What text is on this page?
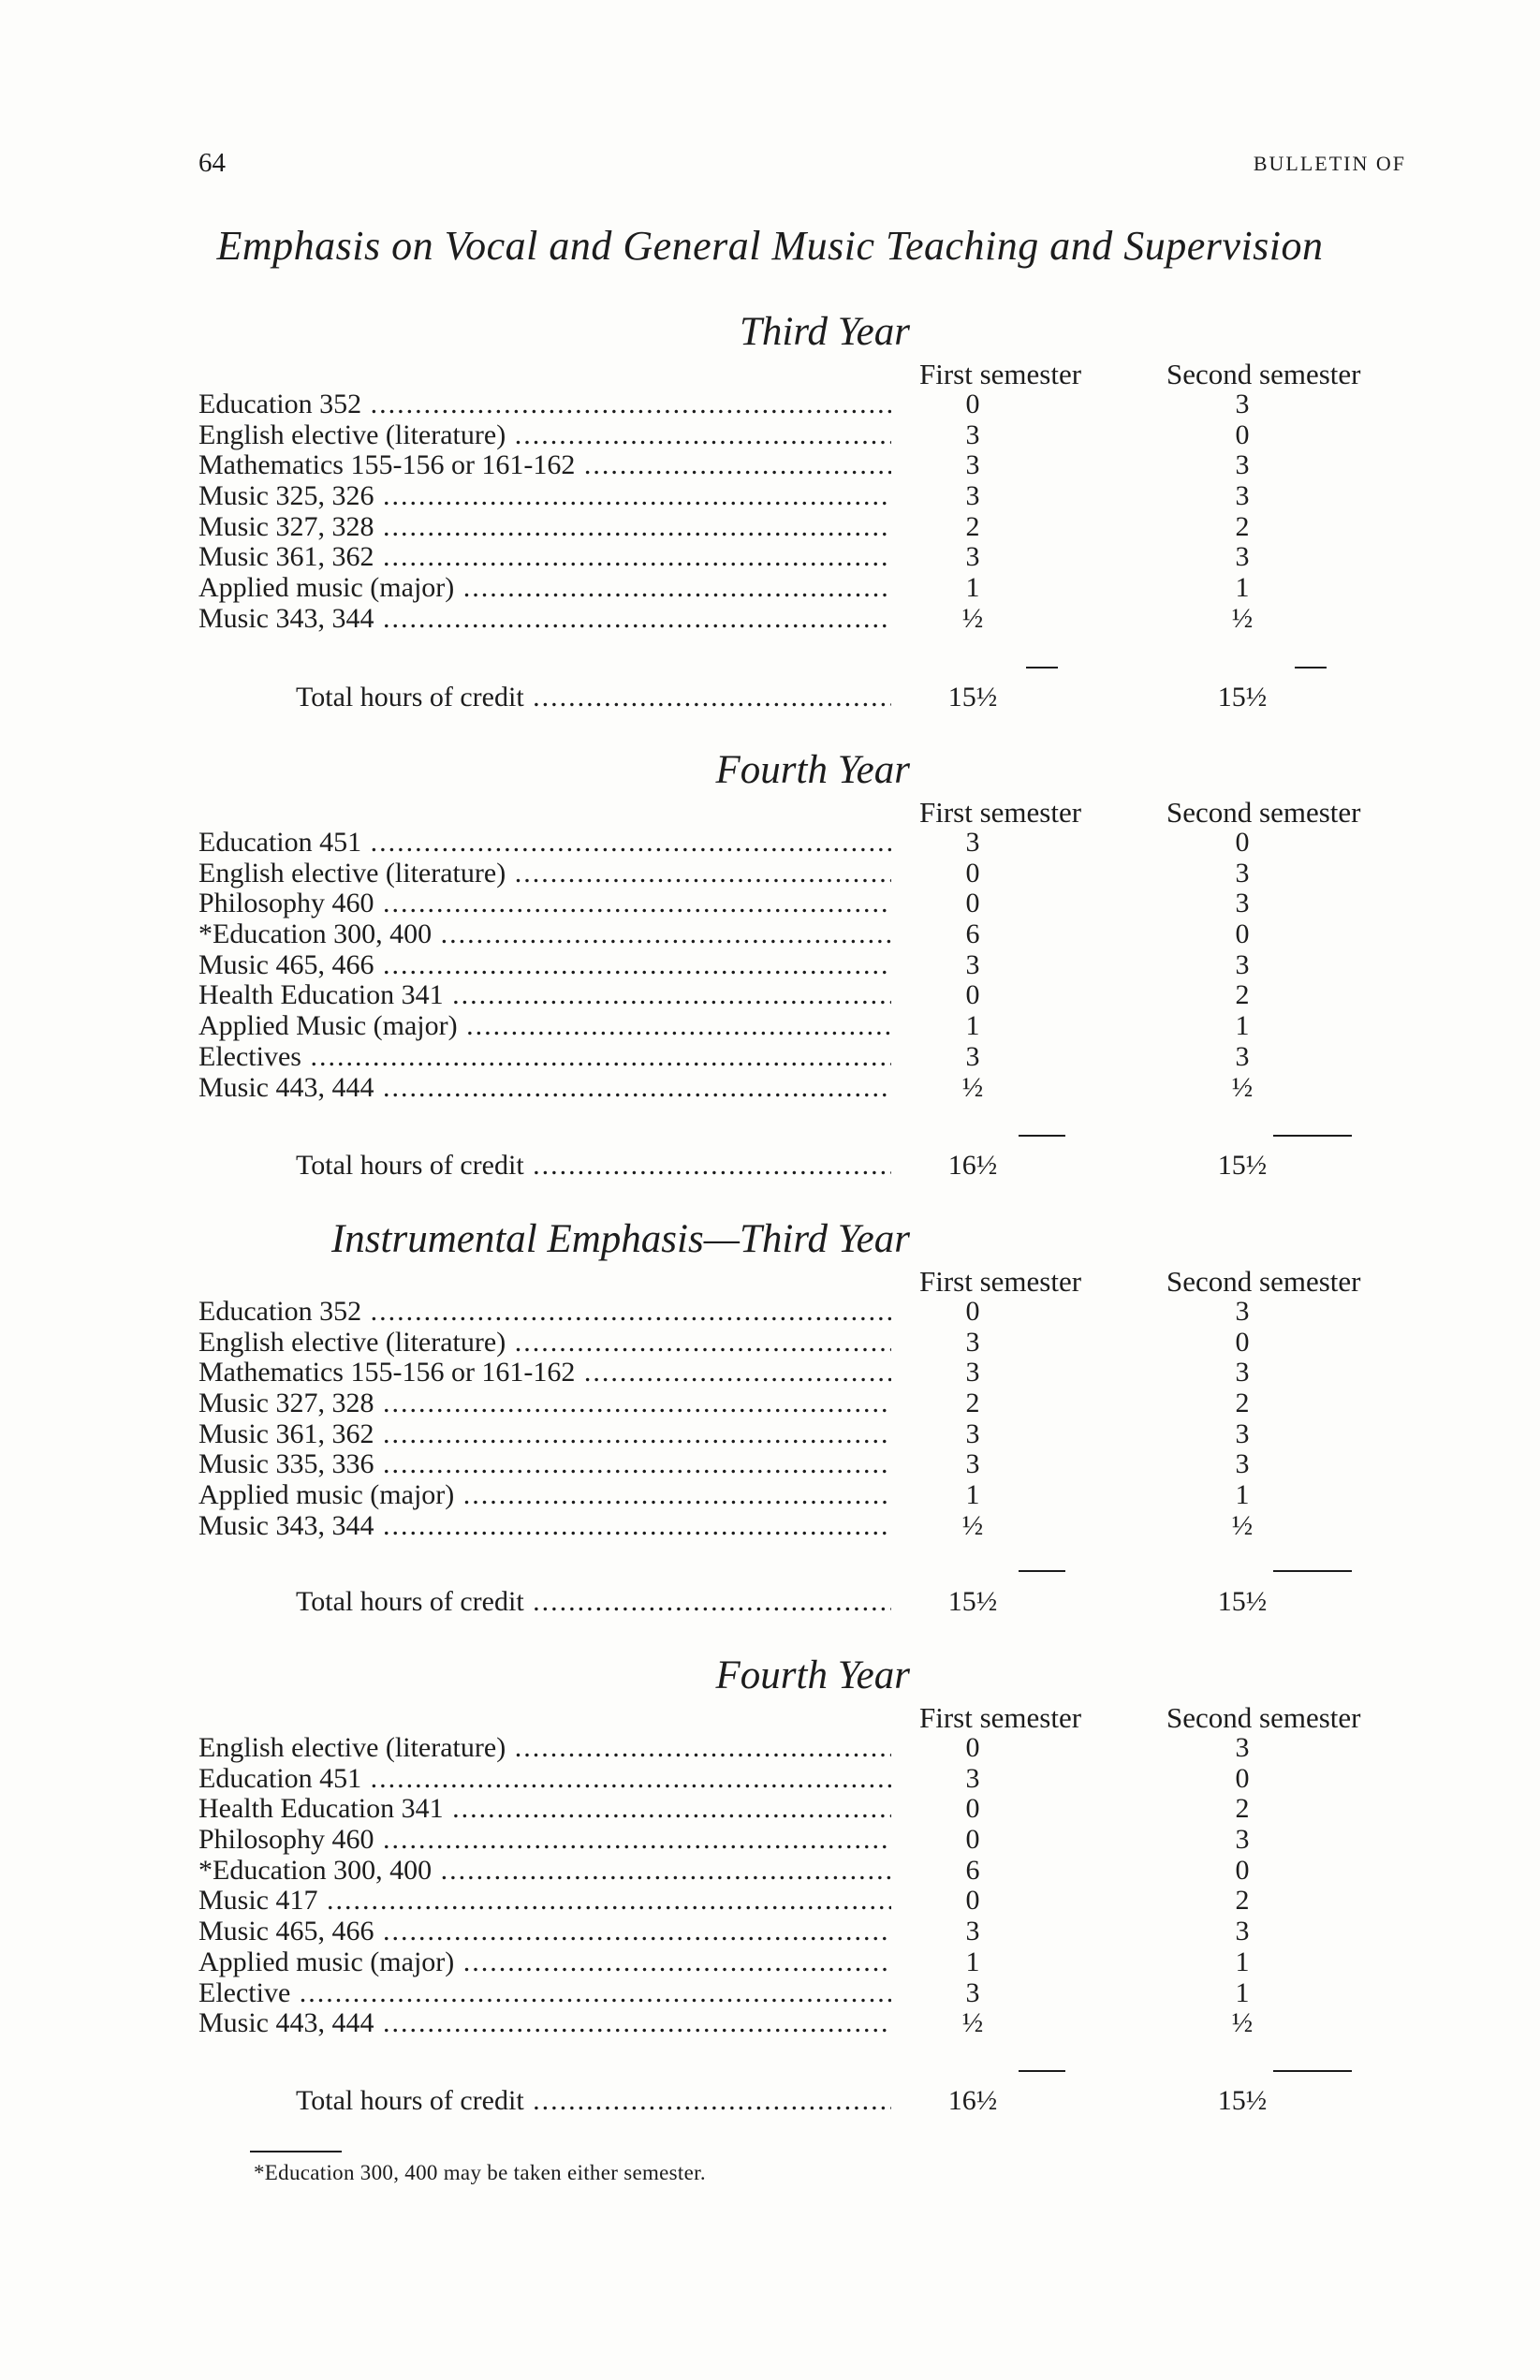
64	BULLETIN OF
Emphasis on Vocal and General Music Teaching and Supervision
Third Year
First semester	Second semester
Education 352 .....	0	3
English elective (literature) .....	3	0
Mathematics 155-156 or 161-162 .....	3	3
Music 325, 326 .....	3	3
Music 327, 328 .....	2	2
Music 361, 362 .....	3	3
Applied music (major) .....	1	1
Music 343, 344 .....	½	½
Total hours of credit .....	15½	15½
Fourth Year
First semester	Second semester
Education 451 .....	3	0
English elective (literature) .....	0	3
Philosophy 460 .....	0	3
*Education 300, 400 .....	6	0
Music 465, 466 .....	3	3
Health Education 341 .....	0	2
Applied Music (major) .....	1	1
Electives .....	3	3
Music 443, 444 .....	½	½
Total hours of credit .....	16½	15½
Instrumental Emphasis—Third Year
First semester	Second semester
Education 352 .....	0	3
English elective (literature) .....	3	0
Mathematics 155-156 or 161-162 .....	3	3
Music 327, 328 .....	2	2
Music 361, 362 .....	3	3
Music 335, 336 .....	3	3
Applied music (major) .....	1	1
Music 343, 344 .....	½	½
Total hours of credit .....	15½	15½
Fourth Year
First semester	Second semester
English elective (literature) .....	0	3
Education 451 .....	3	0
Health Education 341 .....	0	2
Philosophy 460 .....	0	3
*Education 300, 400 .....	6	0
Music 417 .....	0	2
Music 465, 466 .....	3	3
Applied music (major) .....	1	1
Elective .....	3	1
Music 443, 444 .....	½	½
Total hours of credit .....	16½	15½
*Education 300, 400 may be taken either semester.
